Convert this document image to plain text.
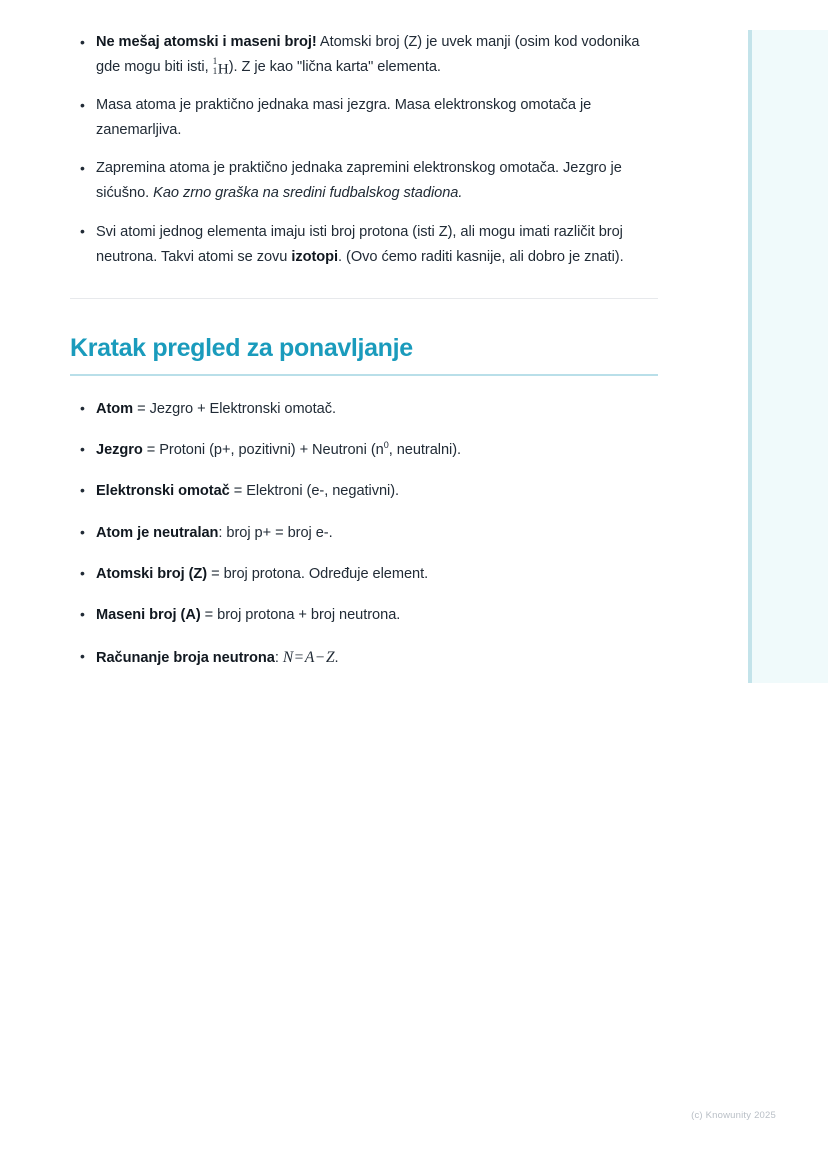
• Ne mešaj atomski i maseni broj! Atomski broj (Z) je uvek manji (osim kod vodonika gde mogu biti isti, 1
1 H). Z je kao "lična karta" elementa.
• Masa atoma je praktično jednaka masi jezgra. Masa elektronskog omotača je zanemarljiva.
• Zapremina atoma je praktično jednaka zapremini elektronskog omotača. Jezgro je sićušno. Kao zrno graška na sredini fudbalskog stadiona.
• Svi atomi jednog elementa imaju isti broj protona (isti Z), ali mogu imati različit broj neutrona. Takvi atomi se zovu izotopi. (Ovo ćemo raditi kasnije, ali dobro je znati).
Kratak pregled za ponavljanje
• Atom = Jezgro + Elektronski omotač.
• Jezgro = Protoni (p+, pozitivni) + Neutroni ($n^0$, neutralni).
• Elektronski omotač = Elektroni (e-, negativni).
• Atom je neutralan: broj p+ = broj e-.
• Atomski broj (Z) = broj protona. Određuje element.
• Maseni broj (A) = broj protona + broj neutrona.
• Računanje broja neutrona: N=A−Z.
(c) Knowunity 2025
